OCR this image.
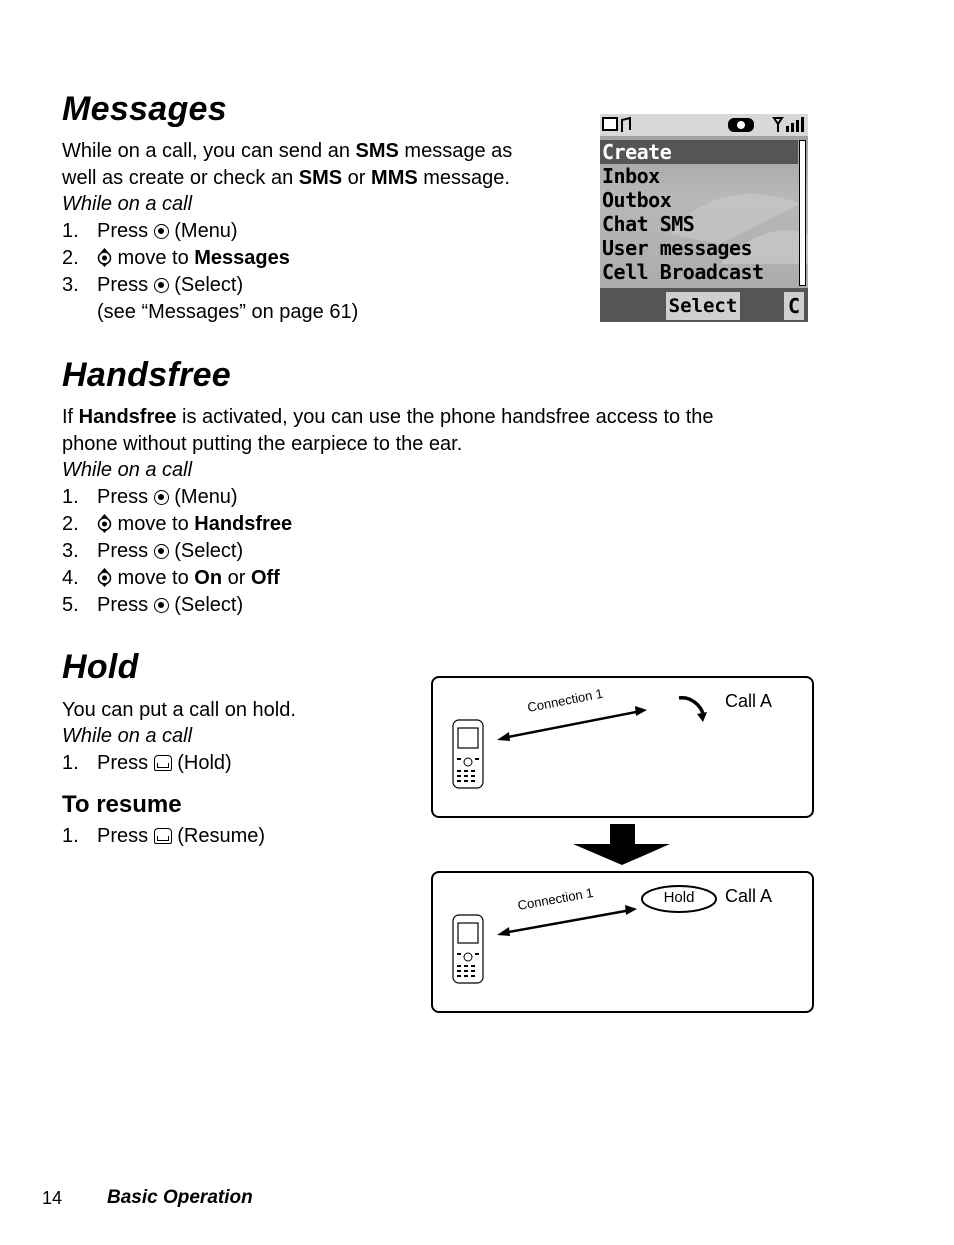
Messages
While on a call, you can send an SMS message as
well as create or check an SMS or MMS message.
While on a call
1. Press  (Menu)
2. move to Messages
3. Press  (Select)
(see “Messages” on page 61)
Create
Inbox
Outbox
Chat SMS
User messages
Cell Broadcast
Select	C
Handsfree
If Handsfree is activated, you can use the phone handsfree access to the
phone without putting the earpiece to the ear.
While on a call
1. Press  (Menu)
2. move to Handsfree
3. Press  (Select)
4. move to On or Off
5. Press  (Select)
Hold
You can put a call on hold.
While on a call
1. Press  (Hold)
To resume
1. Press  (Resume)
Connection 1	Call A
Connection 1	Hold	Call A
14 Basic Operation
